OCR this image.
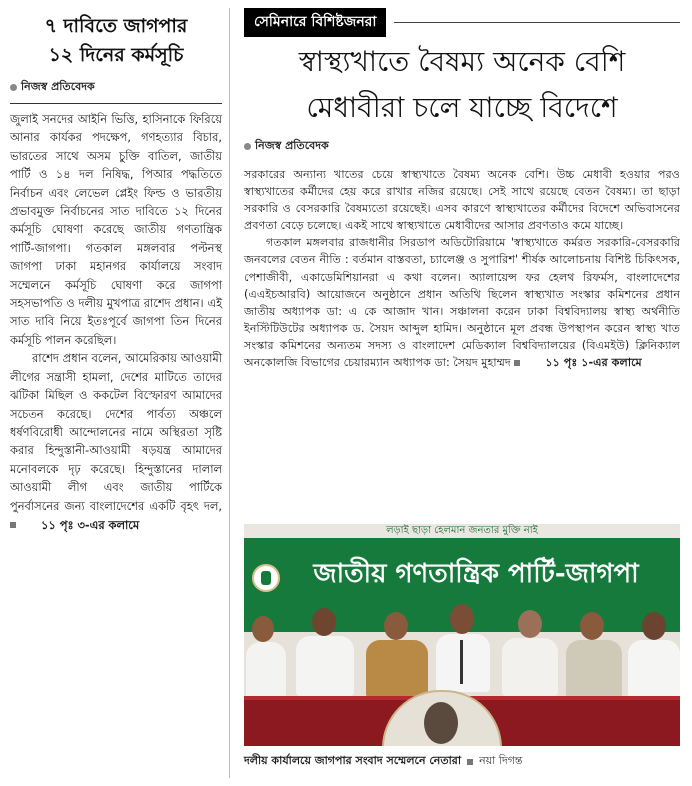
৭ দাবিতে জাগপার
১২ দিনের কর্মসূচি
নিজস্ব প্রতিবেদক

জুলাই সনদের আইনি ভিত্তি, হাসিনাকে ফিরিয়ে আনার কার্যকর পদক্ষেপ, গণহত্যার বিচার, ভারতের সাথে অসম চুক্তি বাতিল, জাতীয় পার্টি ও ১৪ দল নিষিদ্ধ, পিআর পদ্ধতিতে নির্বাচন এবং লেভেল প্লেইং ফিল্ড ও ভারতীয় প্রভাবমুক্ত নির্বাচনের সাত দাবিতে ১২ দিনের কর্মসূচি ঘোষণা করেছে জাতীয় গণতান্ত্রিক পার্টি-জাগপা। গতকাল মঙ্গলবার পল্টনস্থ জাগপা ঢাকা মহানগর কার্যালয়ে সংবাদ সম্মেলনে কর্মসূচি ঘোষণা করে জাগপা সহসভাপতি ও দলীয় মুখপাত্র রাশেদ প্রধান। এই সাত দাবি নিয়ে ইতঃপূর্বে জাগপা তিন দিনের কর্মসূচি পালন করেছিল।

রাশেদ প্রধান বলেন, আমেরিকায় আওয়ামী লীগের সন্ত্রাসী হামলা, দেশের মাটিতে তাদের ঝটিকা মিছিল ও ককটেল বিস্ফোরণ আমাদের সচেতন করেছে। দেশের পার্বত্য অঞ্চলে ধর্ষণবিরোধী আন্দোলনের নামে অস্থিরতা সৃষ্টি করার হিন্দুস্তানী-আওয়ামী ষড়যন্ত্র আমাদের মনোবলকে দৃঢ় করেছে। হিন্দুস্তানের দালাল আওয়ামী লীগ এবং জাতীয় পার্টিকে পুনর্বাসনের জন্য বাংলাদেশের একটি বৃহৎ দল,
১১ পৃঃ ৩-এর কলামে

সেমিনারে বিশিষ্টজনরা
স্বাস্থ্যখাতে বৈষম্য অনেক বেশি
মেধাবীরা চলে যাচ্ছে বিদেশে
নিজস্ব প্রতিবেদক

সরকারের অন্যান্য খাতের চেয়ে স্বাস্থ্যখাতে বৈষম্য অনেক বেশি। উচ্চ মেধাবী হওয়ার পরও স্বাস্থ্যখাতের কর্মীদের হেয় করে রাখার নজির রয়েছে। সেই সাথে রয়েছে বেতন বৈষম্য। তা ছাড়া সরকারি ও বেসরকারি বৈষম্যতো রয়েছেই। এসব কারণে স্বাস্থ্যখাতের কর্মীদের বিদেশে অভিবাসনের প্রবণতা বেড়ে চলেছে। একই সাথে স্বাস্থ্যখাতে মেধাবীদের আসার প্রবণতাও কমে যাচ্ছে।

গতকাল মঙ্গলবার রাজধানীর সিরডাপ অডিটোরিয়ামে 'স্বাস্থ্যখাতে কর্মরত সরকারি-বেসরকারি জনবলের বেতন নীতি : বর্তমান বাস্তবতা, চ্যালেঞ্জ ও সুপারিশ' শীর্ষক আলোচনায় বিশিষ্ট চিকিৎসক, পেশাজীবী, একাডেমিশিয়ানরা এ কথা বলেন। অ্যালায়েন্স ফর হেলথ রিফর্মস, বাংলাদেশের (এএইচআরবি) আয়োজনে অনুষ্ঠানে প্রধান অতিথি ছিলেন স্বাস্থ্যখাত সংস্কার কমিশনের প্রধান জাতীয় অধ্যাপক ডা: এ কে আজাদ খান। সঞ্চালনা করেন ঢাকা বিশ্ববিদ্যালয় স্বাস্থ্য অর্থনীতি ইনস্টিটিউটের অধ্যাপক ড. সৈয়দ আব্দুল হামিদ। অনুষ্ঠানে মূল প্রবন্ধ উপস্থাপন করেন স্বাস্থ্য খাত সংস্কার কমিশনের অন্যতম সদস্য ও বাংলাদেশ মেডিক্যাল বিশ্ববিদ্যালয়ের (বিএমইউ) ক্লিনিক্যাল অনকোলজি বিভাগের চেয়ারম্যান অধ্যাপক ডা: সৈয়দ মুহাম্মদ	১১ পৃঃ ১-এর কলামে

লড়াই ছাড়া হেলমান জনতার মুক্তি নাই
জাতীয় গণতান্ত্রিক পার্টি-জাগপা
দলীয় কার্যালয়ে জাগপার সংবাদ সম্মেলনে নেতারা নয়া দিগন্ত
